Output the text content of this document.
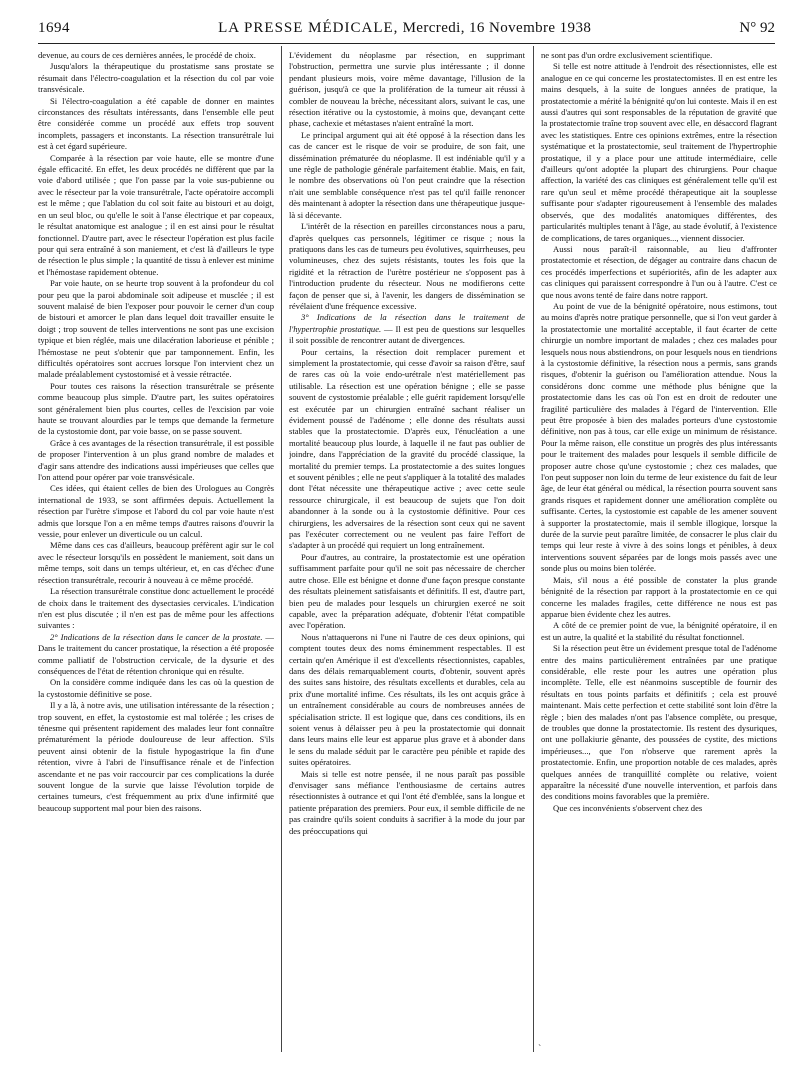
1694	LA PRESSE MÉDICALE, Mercredi, 16 Novembre 1938	N° 92

devenue, au cours de ces dernières années, le procédé de choix.

Jusqu'alors la thérapeutique du prostatisme sans prostate se résumait dans l'électro-coagulation et la résection du col par voie transvésicale.

Si l'électro-coagulation a été capable de donner en maintes circonstances des résultats intéressants, dans l'ensemble elle peut être considérée comme un procédé aux effets trop souvent incomplets, passagers et inconstants. La résection transurétrale lui est à cet égard supérieure.

Comparée à la résection par voie haute, elle se montre d'une égale efficacité. En effet, les deux procédés ne diffèrent que par la voie d'abord utilisée ; que l'on passe par la voie sus-pubienne ou avec le résecteur par la voie transurétrale, l'acte opératoire accompli est le même ; que l'ablation du col soit faite au bistouri et au doigt, en un seul bloc, ou qu'elle le soit à l'anse électrique et par copeaux, le résultat anatomique est analogue ; il en est ainsi pour le résultat fonctionnel. D'autre part, avec le résecteur l'opération est plus facile pour qui sera entraîné à son maniement, et c'est là d'ailleurs le type de résection le plus simple ; la quantité de tissu à enlever est minime et l'hémostase rapidement obtenue.

Par voie haute, on se heurte trop souvent à la profondeur du col pour peu que la paroi abdominale soit adipeuse et musclée ; il est souvent malaisé de bien l'exposer pour pouvoir le cerner d'un coup de bistouri et amorcer le plan dans lequel doit travailler ensuite le doigt ; trop souvent de telles interventions ne sont pas une excision typique et bien réglée, mais une dilacération laborieuse et pénible ; l'hémostase ne peut s'obtenir que par tamponnement. Enfin, les difficultés opératoires sont accrues lorsque l'on intervient chez un malade préalablement cystostomisé et à vessie rétractée.

Pour toutes ces raisons la résection transurétrale se présente comme beaucoup plus simple. D'autre part, les suites opératoires sont généralement bien plus courtes, celles de l'excision par voie haute se trouvant alourdies par le temps que demande la fermeture de la cystostomie dont, par voie basse, on se passe souvent.

Grâce à ces avantages de la résection transurétrale, il est possible de proposer l'intervention à un plus grand nombre de malades et d'agir sans attendre des indications aussi impérieuses que celles que l'on attend pour opérer par voie transvésicale.

Ces idées, qui étaient celles de bien des Urologues au Congrès international de 1933, se sont affirmées depuis. Actuellement la résection par l'urètre s'impose et l'abord du col par voie haute n'est admis que lorsque l'on a en même temps d'autres raisons d'ouvrir la vessie, pour enlever un diverticule ou un calcul.

Même dans ces cas d'ailleurs, beaucoup préfèrent agir sur le col avec le résecteur lorsqu'ils en possèdent le maniement, soit dans un même temps, soit dans un temps ultérieur, et, en cas d'échec d'une résection transurétrale, recourir à nouveau à ce même procédé.

La résection transurétrale constitue donc actuellement le procédé de choix dans le traitement des dysectasies cervicales. L'indication n'en est plus discutée ; il n'en est pas de même pour les affections suivantes :

2° Indications de la résection dans le cancer de la prostate. — Dans le traitement du cancer prostatique, la résection a été proposée comme palliatif de l'obstruction cervicale, de la dysurie et des conséquences de l'état de rétention chronique qui en résulte.

On la considère comme indiquée dans les cas où la question de la cystostomie définitive se pose.

Il y a là, à notre avis, une utilisation intéressante de la résection ; trop souvent, en effet, la cystostomie est mal tolérée ; les crises de ténesme qui présentent rapidement des malades leur font connaître prématurément la période douloureuse de leur affection. S'ils peuvent ainsi obtenir de la fistule hypogastrique la fin d'une rétention, vivre à l'abri de l'insuffisance rénale et de l'infection ascendante et ne pas voir raccourcir par ces complications la durée souvent longue de la survie que laisse l'évolution torpide de certaines tumeurs, c'est fréquemment au prix d'une infirmité que beaucoup supportent mal pour bien des raisons.

L'évidement du néoplasme par résection, en supprimant l'obstruction, permettra une survie plus intéressante ; il donne pendant plusieurs mois, voire même davantage, l'illusion de la guérison, jusqu'à ce que la prolifération de la tumeur ait réussi à combler de nouveau la brèche, nécessitant alors, suivant le cas, une résection itérative ou la cystostomie, à moins que, devançant cette phase, cachexie et métastases n'aient entraîné la mort.

Le principal argument qui ait été opposé à la résection dans les cas de cancer est le risque de voir se produire, de son fait, une dissémination prématurée du néoplasme. Il est indéniable qu'il y a une règle de pathologie générale parfaitement établie. Mais, en fait, le nombre des observations où l'on peut craindre que la résection n'ait une semblable conséquence n'est pas tel qu'il faille renoncer dès maintenant à adopter la résection dans une thérapeutique jusque-là si décevante.

L'intérêt de la résection en pareilles circonstances nous a paru, d'après quelques cas personnels, légitimer ce risque ; nous la pratiquons dans les cas de tumeurs peu évolutives, squirrheuses, peu volumineuses, chez des sujets résistants, toutes les fois que la rigidité et la rétraction de l'urètre postérieur ne s'opposent pas à l'introduction prudente du résecteur. Nous ne modifierons cette façon de penser que si, à l'avenir, les dangers de dissémination se révélaient d'une fréquence excessive.

3° Indications de la résection dans le traitement de l'hypertrophie prostatique. — Il est peu de questions sur lesquelles il soit possible de rencontrer autant de divergences.

Pour certains, la résection doit remplacer purement et simplement la prostatectomie, qui cesse d'avoir sa raison d'être, sauf de rares cas où la voie endo-urétrale n'est matériellement pas utilisable. La résection est une opération bénigne ; elle se passe souvent de cystostomie préalable ; elle guérit rapidement lorsqu'elle est exécutée par un chirurgien entraîné sachant réaliser un évidement poussé de l'adénome ; elle donne des résultats aussi stables que la prostatectomie. D'après eux, l'énucléation a une mortalité beaucoup plus lourde, à laquelle il ne faut pas oublier de joindre, dans l'appréciation de la gravité du procédé classique, la mortalité du premier temps. La prostatectomie a des suites longues et souvent pénibles ; elle ne peut s'appliquer à la totalité des malades dont l'état nécessite une thérapeutique active ; avec cette seule ressource chirurgicale, il est beaucoup de sujets que l'on doit abandonner à la sonde ou à la cystostomie définitive. Pour ces chirurgiens, les adversaires de la résection sont ceux qui ne savent pas l'exécuter correctement ou ne veulent pas faire l'effort de s'adapter à un procédé qui requiert un long entraînement.

Pour d'autres, au contraire, la prostatectomie est une opération suffisamment parfaite pour qu'il ne soit pas nécessaire de chercher autre chose. Elle est bénigne et donne d'une façon presque constante des résultats pleinement satisfaisants et définitifs. Il est, d'autre part, bien peu de malades pour lesquels un chirurgien exercé ne soit capable, avec la préparation adéquate, d'obtenir l'état compatible avec l'opération.

Nous n'attaquerons ni l'une ni l'autre de ces deux opinions, qui comptent toutes deux des noms éminemment respectables. Il est certain qu'en Amérique il est d'excellents résectionnistes, capables, dans des délais remarquablement courts, d'obtenir, souvent après des suites sans histoire, des résultats excellents et durables, cela au prix d'une mortalité infime. Ces résultats, ils les ont acquis grâce à un entraînement considérable au cours de nombreuses années de spécialisation stricte. Il est logique que, dans ces conditions, ils en soient venus à délaisser peu à peu la prostatectomie qui donnait dans leurs mains elle leur est apparue plus grave et à abonder dans le sens du malade séduit par le caractère peu pénible et rapide des suites opératoires.

Mais si telle est notre pensée, il ne nous paraît pas possible d'envisager sans méfiance l'enthousiasme de certains autres résectionnistes à outrance et qui l'ont été d'emblée, sans la longue et patiente préparation des premiers. Pour eux, il semble difficile de ne pas craindre qu'ils soient conduits à sacrifier à la mode du jour par des préoccupations qui

ne sont pas d'un ordre exclusivement scientifique.

Si telle est notre attitude à l'endroit des résectionnistes, elle est analogue en ce qui concerne les prostatectomistes. Il en est entre les mains desquels, à la suite de longues années de pratique, la prostatectomie a mérité la bénignité qu'on lui conteste. Mais il en est aussi d'autres qui sont responsables de la réputation de gravité que la prostatectomie traîne trop souvent avec elle, en désaccord flagrant avec les statistiques. Entre ces opinions extrêmes, entre la résection systématique et la prostatectomie, seul traitement de l'hypertrophie prostatique, il y a place pour une attitude intermédiaire, celle d'ailleurs qu'ont adoptée la plupart des chirurgiens. Pour chaque affection, la variété des cas cliniques est généralement telle qu'il est rare qu'un seul et même procédé thérapeutique ait la souplesse suffisante pour s'adapter rigoureusement à l'ensemble des malades observés, que des modalités anatomiques différentes, des particularités multiples tenant à l'âge, au stade évolutif, à l'existence de complications, de tares organiques..., viennent dissocier.

Aussi nous paraît-il raisonnable, au lieu d'affronter prostatectomie et résection, de dégager au contraire dans chacun de ces procédés imperfections et supériorités, afin de les adapter aux cas cliniques qui paraissent correspondre à l'un ou à l'autre. C'est ce que nous avons tenté de faire dans notre rapport.

Au point de vue de la bénignité opératoire, nous estimons, tout au moins d'après notre pratique personnelle, que si l'on veut garder à la prostatectomie une mortalité acceptable, il faut écarter de cette chirurgie un nombre important de malades ; chez ces malades pour lesquels nous nous abstiendrons, on pour lesquels nous en tiendrions à la cystostomie définitive, la résection nous a permis, sans grands risques, d'obtenir la guérison ou l'amélioration attendue. Nous la considérons donc comme une méthode plus bénigne que la prostatectomie dans les cas où l'on est en droit de redouter une fragilité particulière des malades à l'égard de l'intervention. Elle peut être proposée à bien des malades porteurs d'une cystostomie définitive, non pas à tous, car elle exige un minimum de résistance. Pour la même raison, elle constitue un progrès des plus intéressants pour le traitement des malades pour lesquels il semble difficile de proposer autre chose qu'une cystostomie ; chez ces malades, que l'on peut supposer non loin du terme de leur existence du fait de leur âge, de leur état général ou médical, la résection pourra souvent sans grands risques et rapidement donner une amélioration complète ou suffisante. Certes, la cystostomie est capable de les amener souvent à supporter la prostatectomie, mais il semble illogique, lorsque la durée de la survie peut paraître limitée, de consacrer le plus clair du temps qui leur reste à vivre à des soins longs et pénibles, à deux interventions souvent séparées par de longs mois passés avec une sonde plus ou moins bien tolérée.

Mais, s'il nous a été possible de constater la plus grande bénignité de la résection par rapport à la prostatectomie en ce qui concerne les malades fragiles, cette différence ne nous est pas apparue bien évidente chez les autres.

A côté de ce premier point de vue, la bénignité opératoire, il en est un autre, la qualité et la stabilité du résultat fonctionnel.

Si la résection peut être un évidement presque total de l'adénome entre des mains particulièrement entraînées par une pratique considérable, elle reste pour les autres une opération plus incomplète. Telle, elle est néanmoins susceptible de fournir des résultats en tous points parfaits et définitifs ; cela est prouvé maintenant. Mais cette perfection et cette stabilité sont loin d'être la règle ; bien des malades n'ont pas l'absence complète, ou presque, de troubles que donne la prostatectomie. Ils restent des dysuriques, ont une pollakiurie gênante, des poussées de cystite, des mictions impérieuses..., que l'on n'observe que rarement après la prostatectomie. Enfin, une proportion notable de ces malades, après quelques années de tranquillité complète ou relative, voient apparaître la nécessité d'une nouvelle intervention, et parfois dans des conditions moins favorables que la première.

Que ces inconvénients s'observent chez des

`
